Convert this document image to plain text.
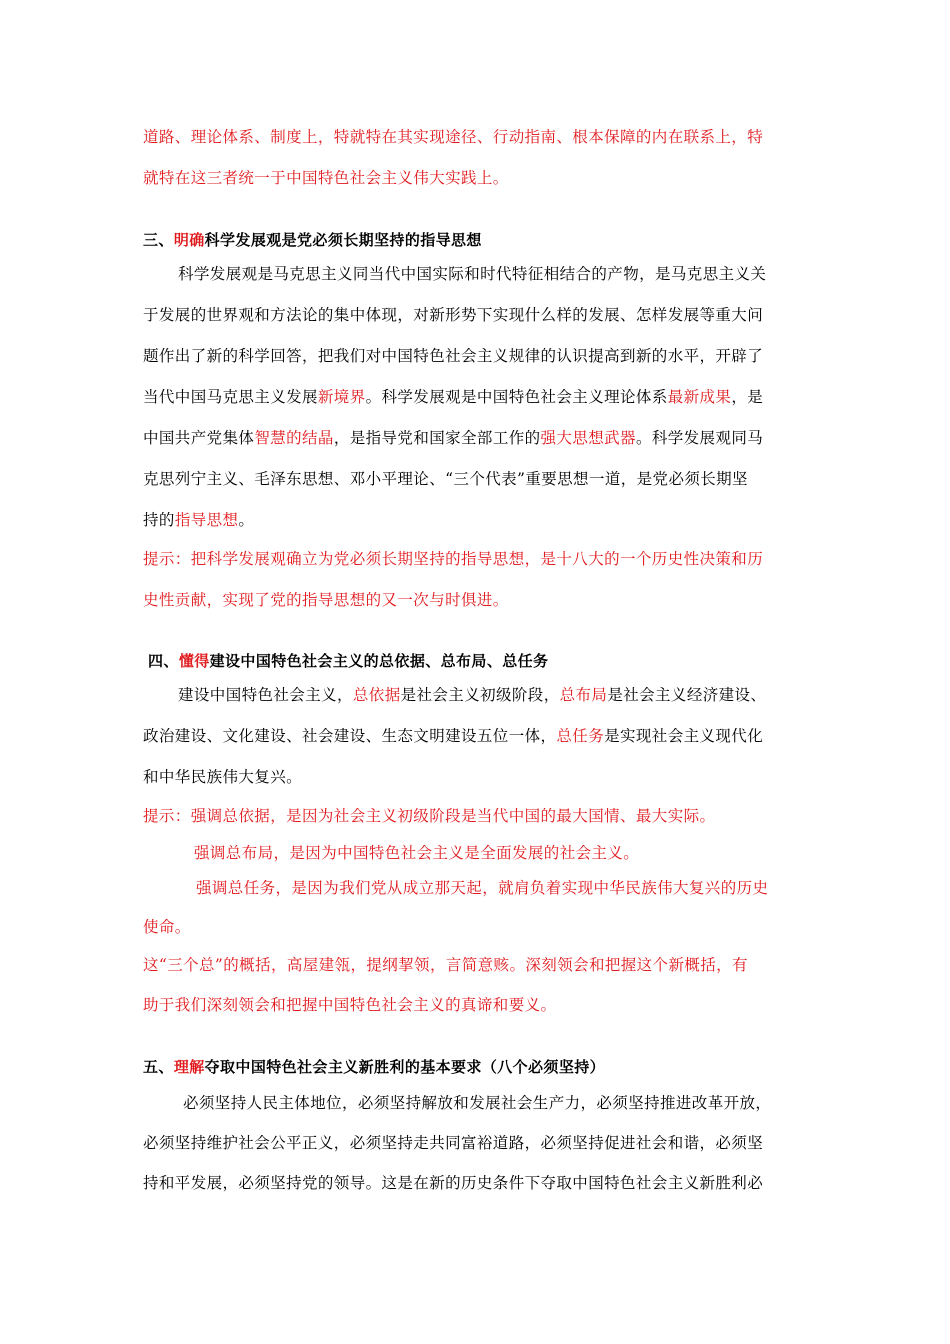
道路、理论体系、制度上，特就特在其实现途径、行动指南、根本保障的内在联系上，特
就特在这三者统一于中国特色社会主义伟大实践上。
三、明确科学发展观是党必须长期坚持的指导思想
科学发展观是马克思主义同当代中国实际和时代特征相结合的产物，是马克思主义关
于发展的世界观和方法论的集中体现，对新形势下实现什么样的发展、怎样发展等重大问
题作出了新的科学回答，把我们对中国特色社会主义规律的认识提高到新的水平，开辟了
当代中国马克思主义发展新境界。科学发展观是中国特色社会主义理论体系最新成果，是
中国共产党集体智慧的结晶，是指导党和国家全部工作的强大思想武器。科学发展观同马
克思列宁主义、毛泽东思想、邓小平理论、“三个代表”重要思想一道，是党必须长期坚
持的指导思想。
提示：把科学发展观确立为党必须长期坚持的指导思想，是十八大的一个历史性决策和历
史性贡献，实现了党的指导思想的又一次与时俱进。
四、懂得建设中国特色社会主义的总依据、总布局、总任务
建设中国特色社会主义，总依据是社会主义初级阶段，总布局是社会主义经济建设、
政治建设、文化建设、社会建设、生态文明建设五位一体，总任务是实现社会主义现代化
和中华民族伟大复兴。
提示：强调总依据，是因为社会主义初级阶段是当代中国的最大国情、最大实际。
强调总布局，是因为中国特色社会主义是全面发展的社会主义。
强调总任务，是因为我们党从成立那天起，就肩负着实现中华民族伟大复兴的历史
使命。
这“三个总”的概括，高屋建瓴，提纲挈领，言简意赅。深刻领会和把握这个新概括，有
助于我们深刻领会和把握中国特色社会主义的真谛和要义。
五、理解夺取中国特色社会主义新胜利的基本要求（八个必须坚持）
必须坚持人民主体地位，必须坚持解放和发展社会生产力，必须坚持推进改革开放，
必须坚持维护社会公平正义，必须坚持走共同富裕道路，必须坚持促进社会和谐，必须坚
持和平发展，必须坚持党的领导。这是在新的历史条件下夺取中国特色社会主义新胜利必
